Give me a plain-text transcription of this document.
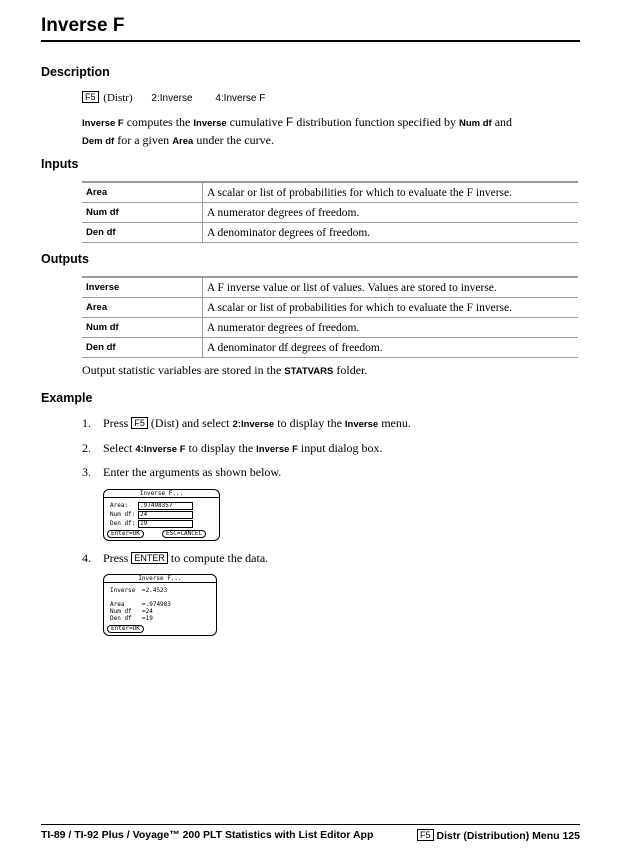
Inverse F
Description
F5 (Distr) 2:Inverse 4:Inverse F
Inverse F computes the Inverse cumulative F distribution function specified by Num df and
Dem df for a given Area under the curve.
Inputs
Area	A scalar or list of probabilities for which to evaluate the F inverse.
Num df	A numerator degrees of freedom.
Den df	A denominator degrees of freedom.
Outputs
Inverse	A F inverse value or list of values. Values are stored to inverse.
Area	A scalar or list of probabilities for which to evaluate the F inverse.
Num df	A numerator degrees of freedom.
Den df	A denominator df degrees of freedom.
Output statistic variables are stored in the STATVARS folder.
Example
1. Press F5 (Dist) and select 2:Inverse to display the Inverse menu.
2. Select 4:Inverse F to display the Inverse F input dialog box.
3. Enter the arguments as shown below.
Inverse F...
Area:	.97498357
Num df: 24
Den df: 19
Enter=OK	ESC=CANCEL
4. Press ENTER to compute the data.
Inverse F...
Inverse =2.4523
Area	=.974983
Num df =24
Den df =19
Enter=OK
TI-89 / TI-92 Plus / Voyage™ 200 PLT Statistics with List Editor App	F5 Distr (Distribution) Menu 125
